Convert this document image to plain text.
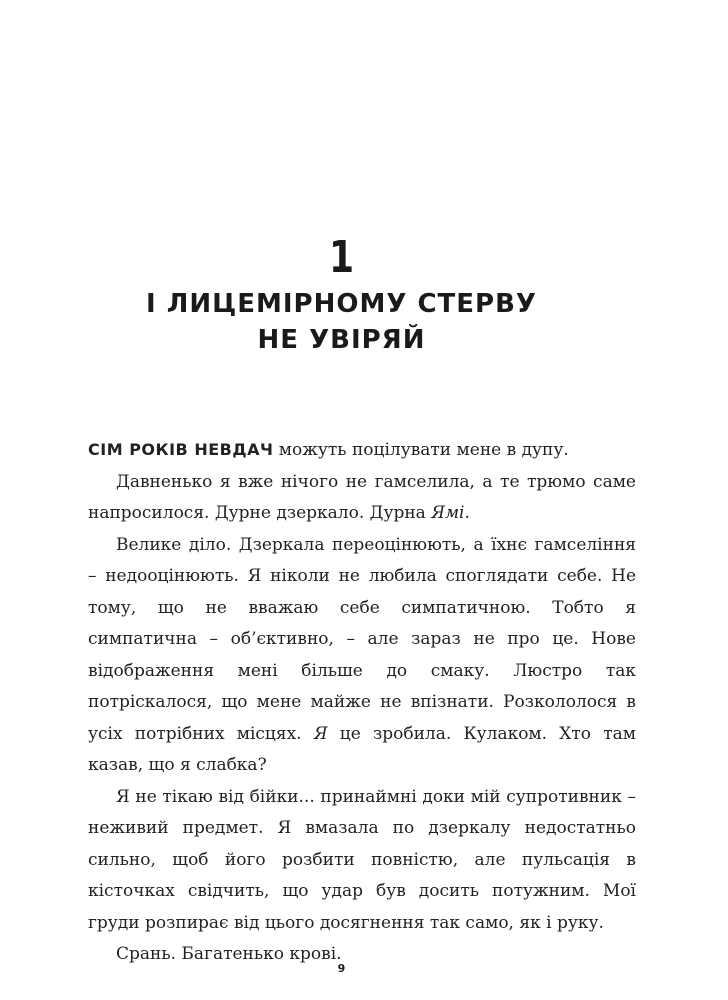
1
І ЛИЦЕМІРНОМУ СТЕРВУ
НЕ УВІРЯЙ

СІМ РОКІВ НЕВДАЧ можуть поцілувати мене в дупу.

Давненько я вже нічого не гамселила, а те трюмо саме напросилося. Дурне дзеркало. Дурна Ямі.

Велике діло. Дзеркала переоцінюють, а їхнє гамсеління – недооцінюють. Я ніколи не любила споглядати себе. Не тому, що не вважаю себе симпатичною. Тобто я симпатична – об’єктивно, – але зараз не про це. Нове відображення мені більше до смаку. Люстро так потріскалося, що мене майже не впізнати. Розкололося в усіх потрібних місцях. Я це зробила. Кулаком. Хто там казав, що я слабка?

Я не тікаю від бійки... принаймні доки мій супротивник – неживий предмет. Я вмазала по дзеркалу недостатньо сильно, щоб його розбити повністю, але пульсація в кісточках свідчить, що удар був досить потужним. Мої груди розпирає від цього досягнення так само, як і руку.

Срань. Багатенько крові.

9
